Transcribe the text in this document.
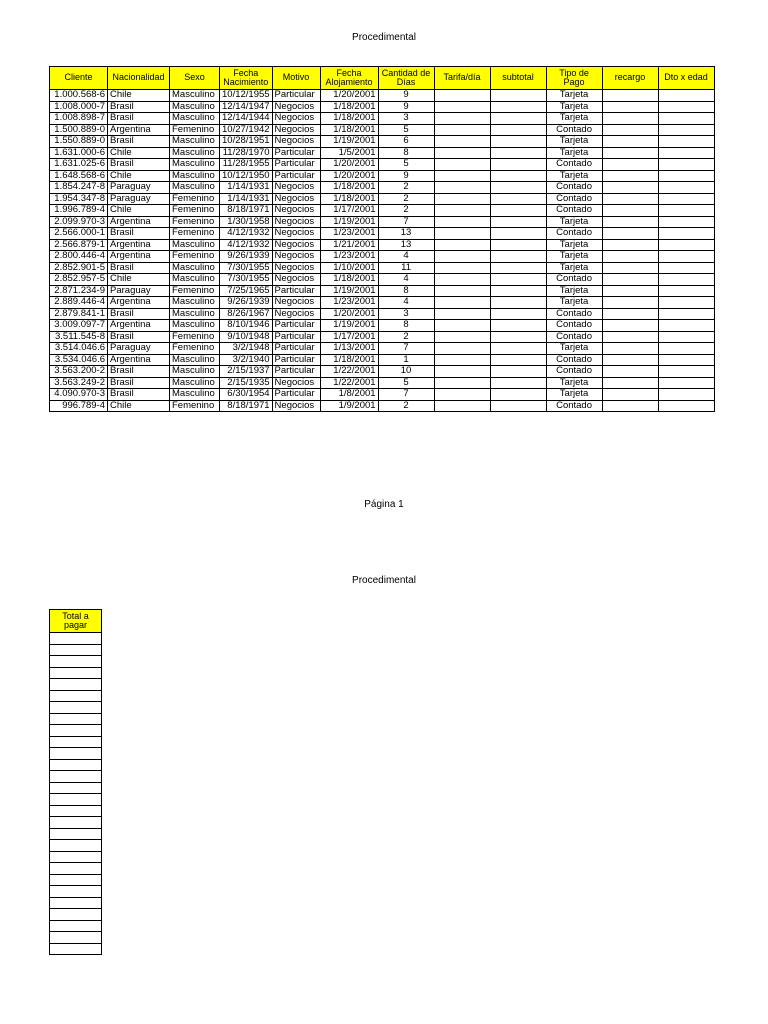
Procedimental
Cliente	Nacionalidad	Sexo	Fecha Nacimiento	Motivo	Fecha Alojamiento	Cantidad de Días	Tarifa/día	subtotal	Tipo de Pago	recargo	Dto x edad
1.000.568-6	Chile	Masculino	10/12/1955	Particular	1/20/2001	9			Tarjeta		
1.008.000-7	Brasil	Masculino	12/14/1947	Negocios	1/18/2001	9			Tarjeta		
1.008.898-7	Brasil	Masculino	12/14/1944	Negocios	1/18/2001	3			Tarjeta		
1.500.889-0	Argentina	Femenino	10/27/1942	Negocios	1/18/2001	5			Contado		
1.550.889-0	Brasil	Masculino	10/28/1951	Negocios	1/19/2001	6			Tarjeta		
1.631.000-6	Chile	Masculino	11/28/1970	Particular	1/5/2001	8			Tarjeta		
1.631.025-6	Brasil	Masculino	11/28/1955	Particular	1/20/2001	5			Contado		
1.648.568-6	Chile	Masculino	10/12/1950	Particular	1/20/2001	9			Tarjeta		
1.854.247-8	Paraguay	Masculino	1/14/1931	Negocios	1/18/2001	2			Contado		
1.954.347-8	Paraguay	Femenino	1/14/1931	Negocios	1/18/2001	2			Contado		
1.996.789-4	Chile	Femenino	8/18/1971	Negocios	1/17/2001	2			Contado		
2.099.970-3	Argentina	Femenino	1/30/1958	Negocios	1/19/2001	7			Tarjeta		
2.566.000-1	Brasil	Femenino	4/12/1932	Negocios	1/23/2001	13			Contado		
2.566.879-1	Argentina	Masculino	4/12/1932	Negocios	1/21/2001	13			Tarjeta		
2.800.446-4	Argentina	Femenino	9/26/1939	Negocios	1/23/2001	4			Tarjeta		
2.852.901-5	Brasil	Masculino	7/30/1955	Negocios	1/10/2001	11			Tarjeta		
2.852.957-5	Chile	Masculino	7/30/1955	Negocios	1/18/2001	4			Contado		
2.871.234-9	Paraguay	Femenino	7/25/1965	Particular	1/19/2001	8			Tarjeta		
2.889.446-4	Argentina	Masculino	9/26/1939	Negocios	1/23/2001	4			Tarjeta		
2.879.841-1	Brasil	Masculino	8/26/1967	Negocios	1/20/2001	3			Contado		
3.009.097-7	Argentina	Masculino	8/10/1946	Particular	1/19/2001	8			Contado		
3.511.545-8	Brasil	Femenino	9/10/1948	Particular	1/17/2001	2			Contado		
3.514.046.6	Paraguay	Femenino	3/2/1948	Particular	1/13/2001	7			Tarjeta		
3.534.046.6	Argentina	Masculino	3/2/1940	Particular	1/18/2001	1			Contado		
3.563.200-2	Brasil	Masculino	2/15/1937	Particular	1/22/2001	10			Contado		
3.563.249-2	Brasil	Masculino	2/15/1935	Negocios	1/22/2001	5			Tarjeta		
4.090.970-3	Brasil	Masculino	6/30/1954	Particular	1/8/2001	7			Tarjeta		
996.789-4	Chile	Femenino	8/18/1971	Negocios	1/9/2001	2			Contado		
Página 1
Procedimental
Total a pagar
